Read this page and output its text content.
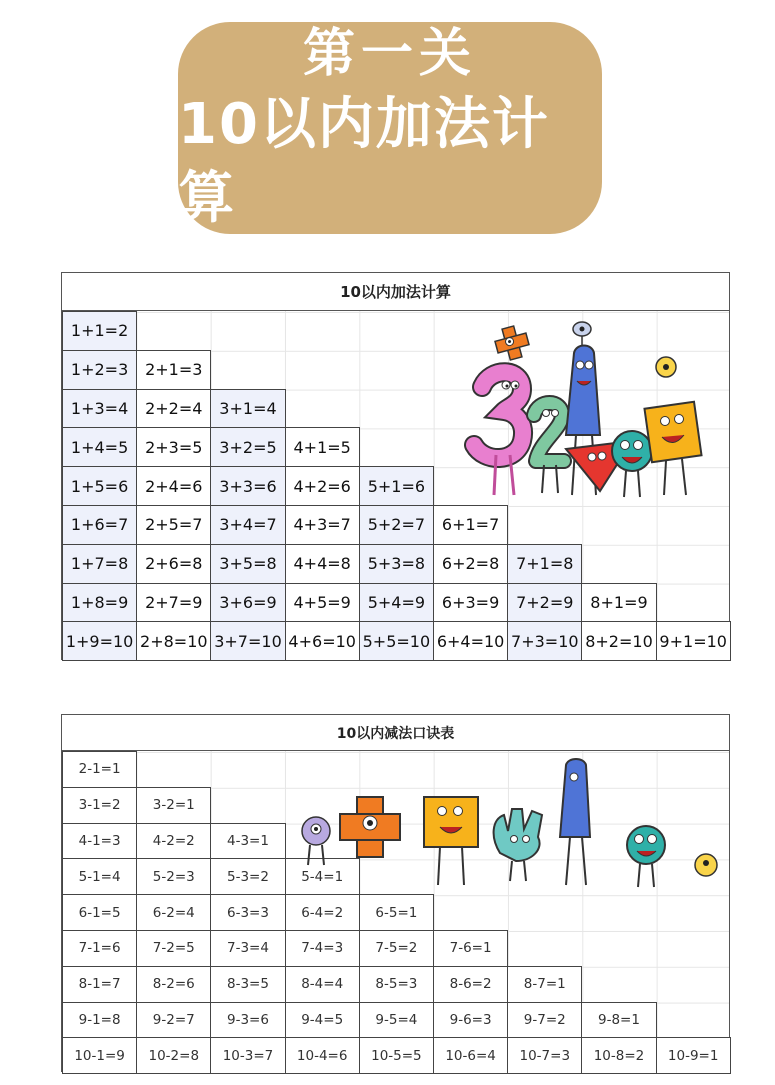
第一关
10以内加法计算
10以内加法计算
1+1=2
1+2=3	2+1=3
1+3=4	2+2=4	3+1=4
1+4=5	2+3=5	3+2=5	4+1=5
1+5=6	2+4=6	3+3=6	4+2=6	5+1=6
1+6=7	2+5=7	3+4=7	4+3=7	5+2=7	6+1=7
1+7=8	2+6=8	3+5=8	4+4=8	5+3=8	6+2=8	7+1=8
1+8=9	2+7=9	3+6=9	4+5=9	5+4=9	6+3=9	7+2=9	8+1=9
1+9=10 2+8=10 3+7=10 4+6=10 5+5=10 6+4=10 7+3=10 8+2=10 9+1=10
10以内减法口诀表
2-1=1
3-1=2	3-2=1
4-1=3	4-2=2	4-3=1
5-1=4	5-2=3	5-3=2	5-4=1
6-1=5	6-2=4	6-3=3	6-4=2	6-5=1
7-1=6	7-2=5	7-3=4	7-4=3	7-5=2	7-6=1
8-1=7	8-2=6	8-3=5	8-4=4	8-5=3	8-6=2	8-7=1
9-1=8	9-2=7	9-3=6	9-4=5	9-5=4	9-6=3	9-7=2	9-8=1
10-1=9	10-2=8	10-3=7	10-4=6	10-5=5	10-6=4	10-7=3	10-8=2	10-9=1
